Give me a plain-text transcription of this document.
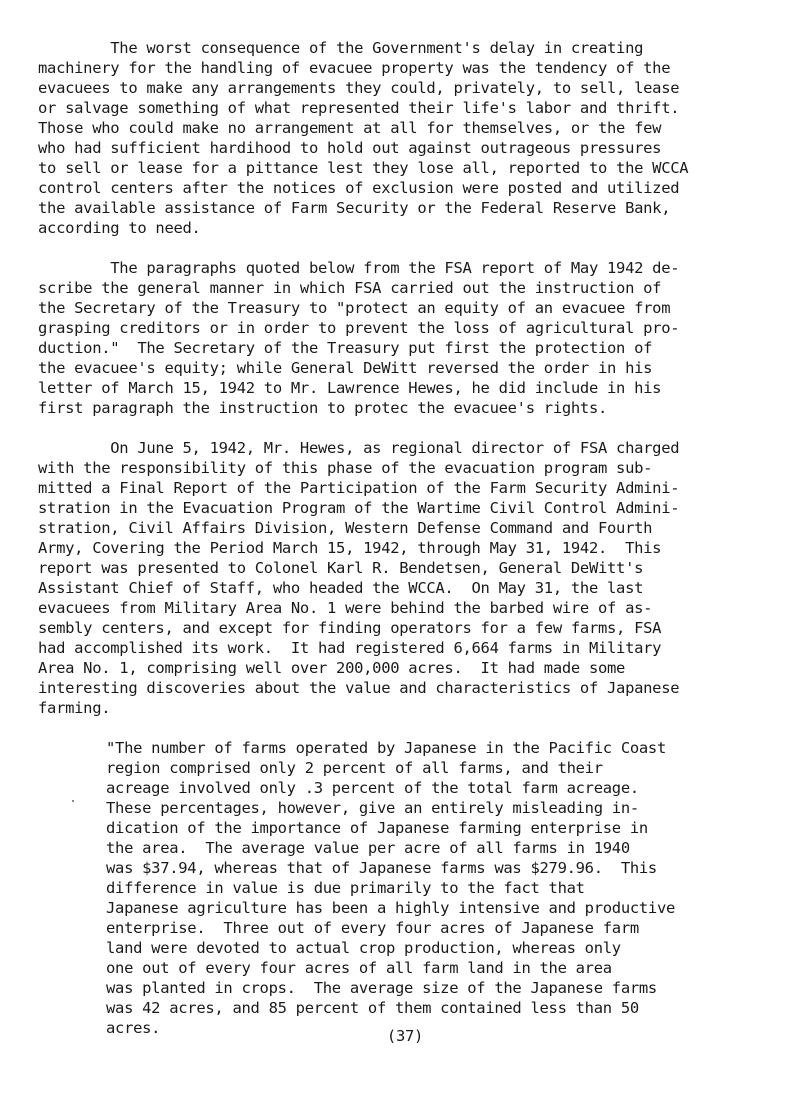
The worst consequence of the Government's delay in creating
machinery for the handling of evacuee property was the tendency of the
evacuees to make any arrangements they could, privately, to sell, lease
or salvage something of what represented their life's labor and thrift.
Those who could make no arrangement at all for themselves, or the few
who had sufficient hardihood to hold out against outrageous pressures
to sell or lease for a pittance lest they lose all, reported to the WCCA
control centers after the notices of exclusion were posted and utilized
the available assistance of Farm Security or the Federal Reserve Bank,
according to need.
The paragraphs quoted below from the FSA report of May 1942 de-
scribe the general manner in which FSA carried out the instruction of
the Secretary of the Treasury to "protect an equity of an evacuee from
grasping creditors or in order to prevent the loss of agricultural pro-
duction."  The Secretary of the Treasury put first the protection of
the evacuee's equity; while General DeWitt reversed the order in his
letter of March 15, 1942 to Mr. Lawrence Hewes, he did include in his
first paragraph the instruction to protec the evacuee's rights.
On June 5, 1942, Mr. Hewes, as regional director of FSA charged
with the responsibility of this phase of the evacuation program sub-
mitted a Final Report of the Participation of the Farm Security Admini-
stration in the Evacuation Program of the Wartime Civil Control Admini-
stration, Civil Affairs Division, Western Defense Command and Fourth
Army, Covering the Period March 15, 1942, through May 31, 1942.  This
report was presented to Colonel Karl R. Bendetsen, General DeWitt's
Assistant Chief of Staff, who headed the WCCA.  On May 31, the last
evacuees from Military Area No. 1 were behind the barbed wire of as-
sembly centers, and except for finding operators for a few farms, FSA
had accomplished its work.  It had registered 6,664 farms in Military
Area No. 1, comprising well over 200,000 acres.  It had made some
interesting discoveries about the value and characteristics of Japanese
farming.
"The number of farms operated by Japanese in the Pacific Coast
region comprised only 2 percent of all farms, and their
acreage involved only .3 percent of the total farm acreage.
These percentages, however, give an entirely misleading in-
dication of the importance of Japanese farming enterprise in
the area.  The average value per acre of all farms in 1940
was $37.94, whereas that of Japanese farms was $279.96.  This
difference in value is due primarily to the fact that
Japanese agriculture has been a highly intensive and productive
enterprise.  Three out of every four acres of Japanese farm
land were devoted to actual crop production, whereas only
one out of every four acres of all farm land in the area
was planted in crops.  The average size of the Japanese farms
was 42 acres, and 85 percent of them contained less than 50
acres.	(37)
